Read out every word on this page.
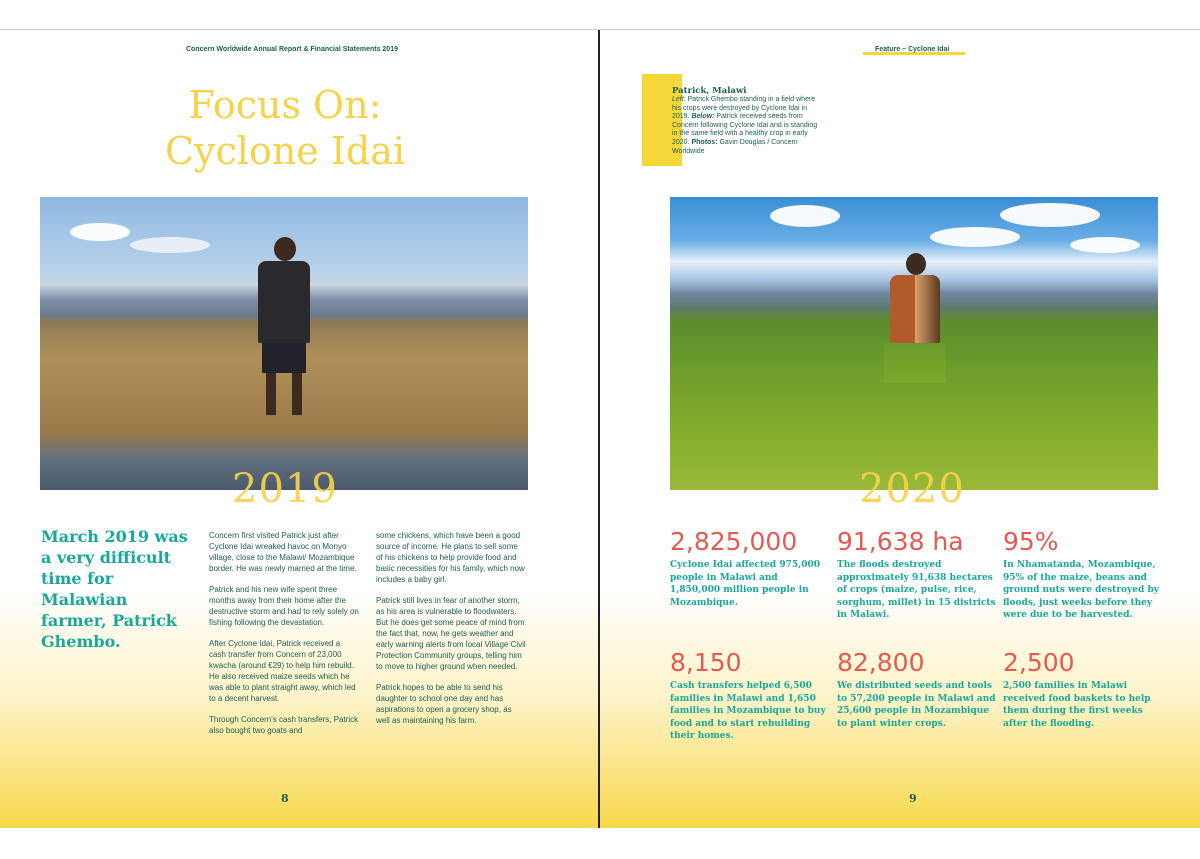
Concern Worldwide Annual Report & Financial Statements 2019
Focus On:
Cyclone Idai
2019

March 2019 was a very difficult time for Malawian farmer, Patrick Ghembo.

Concern first visited Patrick just after Cyclone Idai wreaked havoc on Monyo village, close to the Malawi/ Mozambique border. He was newly married at the time.

Patrick and his new wife spent three months away from their home after the destructive storm and had to rely solely on fishing following the devastation.

After Cyclone Idai, Patrick received a cash transfer from Concern of 23,000 kwacha (around €29) to help him rebuild. He also received maize seeds which he was able to plant straight away, which led to a decent harvest.

Through Concern's cash transfers, Patrick also bought two goats and

some chickens, which have been a good source of income. He plans to sell some of his chickens to help provide food and basic necessities for his family, which now includes a baby girl.

Patrick still lives in fear of another storm, as his area is vulnerable to floodwaters. But he does get some peace of mind from the fact that, now, he gets weather and early warning alerts from local Village Civil Protection Community groups, telling him to move to higher ground when needed.

Patrick hopes to be able to send his daughter to school one day and has aspirations to open a grocery shop, as well as maintaining his farm.

8
Feature – Cyclone Idai
Patrick, Malawi
Left: Patrick Ghembo standing in a field where his crops were destroyed by Cyclone Idai in 2019. Below: Patrick received seeds from Concern following Cyclone Idai and is standing in the same field with a healthy crop in early 2020. Photos: Gavin Douglas / Concern Worldwide
2020
2,825,000
Cyclone Idai affected 975,000 people in Malawi and 1,850,000 million people in Mozambique.
91,638 ha
The floods destroyed approximately 91,638 hectares of crops (maize, pulse, rice, sorghum, millet) in 15 districts in Malawi.
95%
In Nhamatanda, Mozambique, 95% of the maize, beans and ground nuts were destroyed by floods, just weeks before they were due to be harvested.
8,150
Cash transfers helped 6,500 families in Malawi and 1,650 families in Mozambique to buy food and to start rebuilding their homes.
82,800
We distributed seeds and tools to 57,200 people in Malawi and 25,600 people in Mozambique to plant winter crops.
2,500
2,500 families in Malawi received food baskets to help them during the first weeks after the flooding.
9
